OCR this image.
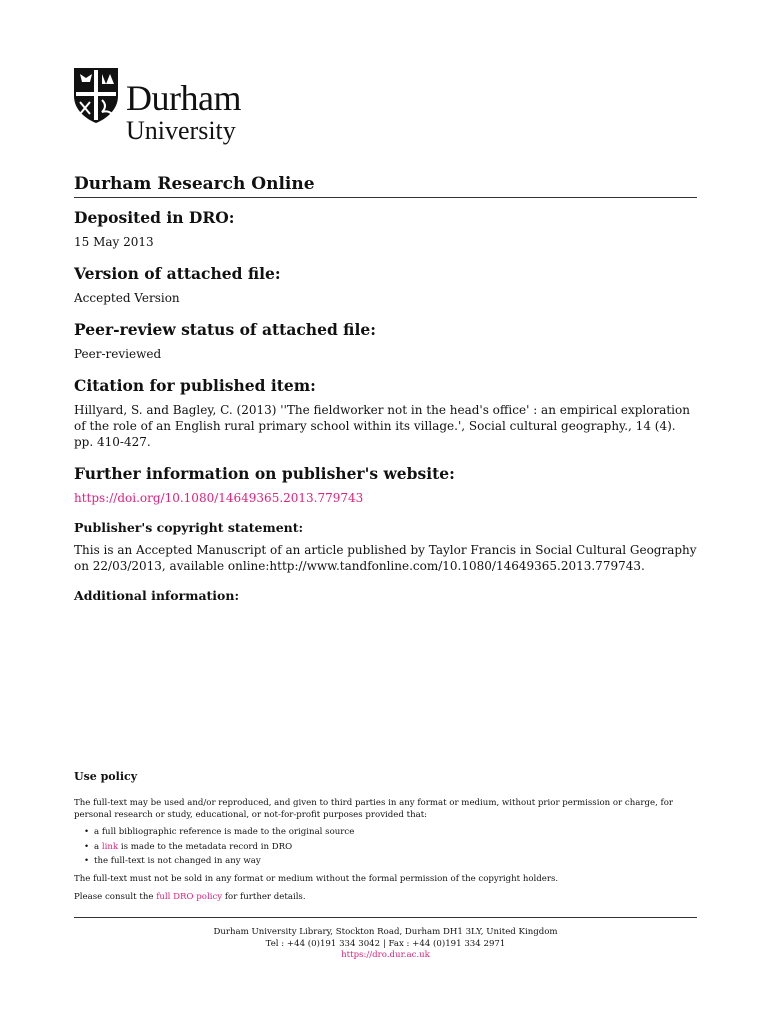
Durham
University
Durham Research Online
Deposited in DRO:

15 May 2013

Version of attached file:

Accepted Version

Peer-review status of attached file:

Peer-reviewed

Citation for published item:

Hillyard, S. and Bagley, C. (2013) ''The fieldworker not in the head's office' : an empirical exploration of the role of an English rural primary school within its village.', Social cultural geography., 14 (4). pp. 410-427.

Further information on publisher's website:

https://doi.org/10.1080/14649365.2013.779743

Publisher's copyright statement:

This is an Accepted Manuscript of an article published by Taylor Francis in Social Cultural Geography on 22/03/2013, available online:http://www.tandfonline.com/10.1080/14649365.2013.779743.

Additional information:
Use policy

The full-text may be used and/or reproduced, and given to third parties in any format or medium, without prior permission or charge, for personal research or study, educational, or not-for-profit purposes provided that:

• a full bibliographic reference is made to the original source
• a link is made to the metadata record in DRO
• the full-text is not changed in any way

The full-text must not be sold in any format or medium without the formal permission of the copyright holders.

Please consult the full DRO policy for further details.

Durham University Library, Stockton Road, Durham DH1 3LY, United Kingdom
Tel : +44 (0)191 334 3042 | Fax : +44 (0)191 334 2971
https://dro.dur.ac.uk
